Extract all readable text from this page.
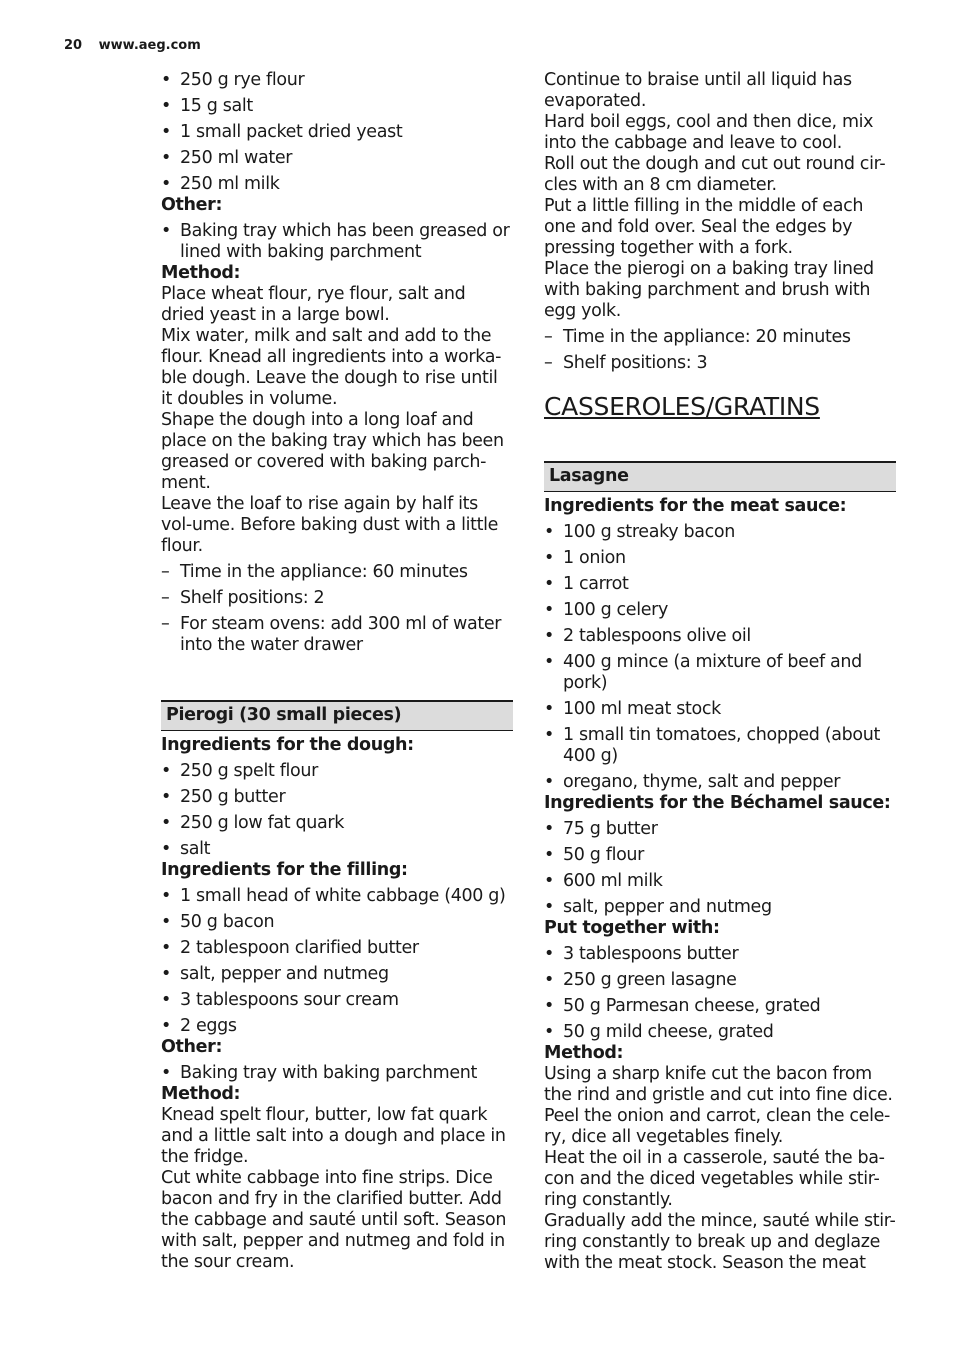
20 www.aeg.com
• 250 g rye flour
• 15 g salt
• 1 small packet dried yeast
• 250 ml water
• 250 ml milk
Other:
• Baking tray which has been greased or lined with baking parchment
Method:

Place wheat flour, rye flour, salt and dried yeast in a large bowl.

Mix water, milk and salt and add to the flour. Knead all ingredients into a worka-ble dough. Leave the dough to rise until it doubles in volume.

Shape the dough into a long loaf and place on the baking tray which has been greased or covered with baking parch-ment.

Leave the loaf to rise again by half its vol-ume. Before baking dust with a little flour.

– Time in the appliance: 60 minutes
– Shelf positions: 2
– For steam ovens: add 300 ml of water into the water drawer
Pierogi (30 small pieces)
Ingredients for the dough:
• 250 g spelt flour
• 250 g butter
• 250 g low fat quark
• salt
Ingredients for the filling:
• 1 small head of white cabbage (400 g)
• 50 g bacon
• 2 tablespoon clarified butter
• salt, pepper and nutmeg
• 3 tablespoons sour cream
• 2 eggs
Other:
• Baking tray with baking parchment
Method:

Knead spelt flour, butter, low fat quark and a little salt into a dough and place in the fridge.

Cut white cabbage into fine strips. Dice bacon and fry in the clarified butter. Add the cabbage and sauté until soft. Season with salt, pepper and nutmeg and fold in the sour cream.

Continue to braise until all liquid has evaporated.

Hard boil eggs, cool and then dice, mix into the cabbage and leave to cool.

Roll out the dough and cut out round cir-cles with an 8 cm diameter.

Put a little filling in the middle of each one and fold over. Seal the edges by pressing together with a fork.

Place the pierogi on a baking tray lined with baking parchment and brush with egg yolk.

– Time in the appliance: 20 minutes
– Shelf positions: 3
CASSEROLES/GRATINS
Lasagne
Ingredients for the meat sauce:
• 100 g streaky bacon
• 1 onion
• 1 carrot
• 100 g celery
• 2 tablespoons olive oil
• 400 g mince (a mixture of beef and pork)
• 100 ml meat stock
• 1 small tin tomatoes, chopped (about 400 g)
• oregano, thyme, salt and pepper
Ingredients for the Béchamel sauce:
• 75 g butter
• 50 g flour
• 600 ml milk
• salt, pepper and nutmeg
Put together with:
• 3 tablespoons butter
• 250 g green lasagne
• 50 g Parmesan cheese, grated
• 50 g mild cheese, grated
Method:

Using a sharp knife cut the bacon from the rind and gristle and cut into fine dice.

Peel the onion and carrot, clean the cele-ry, dice all vegetables finely.

Heat the oil in a casserole, sauté the ba-con and the diced vegetables while stir-ring constantly.

Gradually add the mince, sauté while stir-ring constantly to break up and deglaze with the meat stock. Season the meat
